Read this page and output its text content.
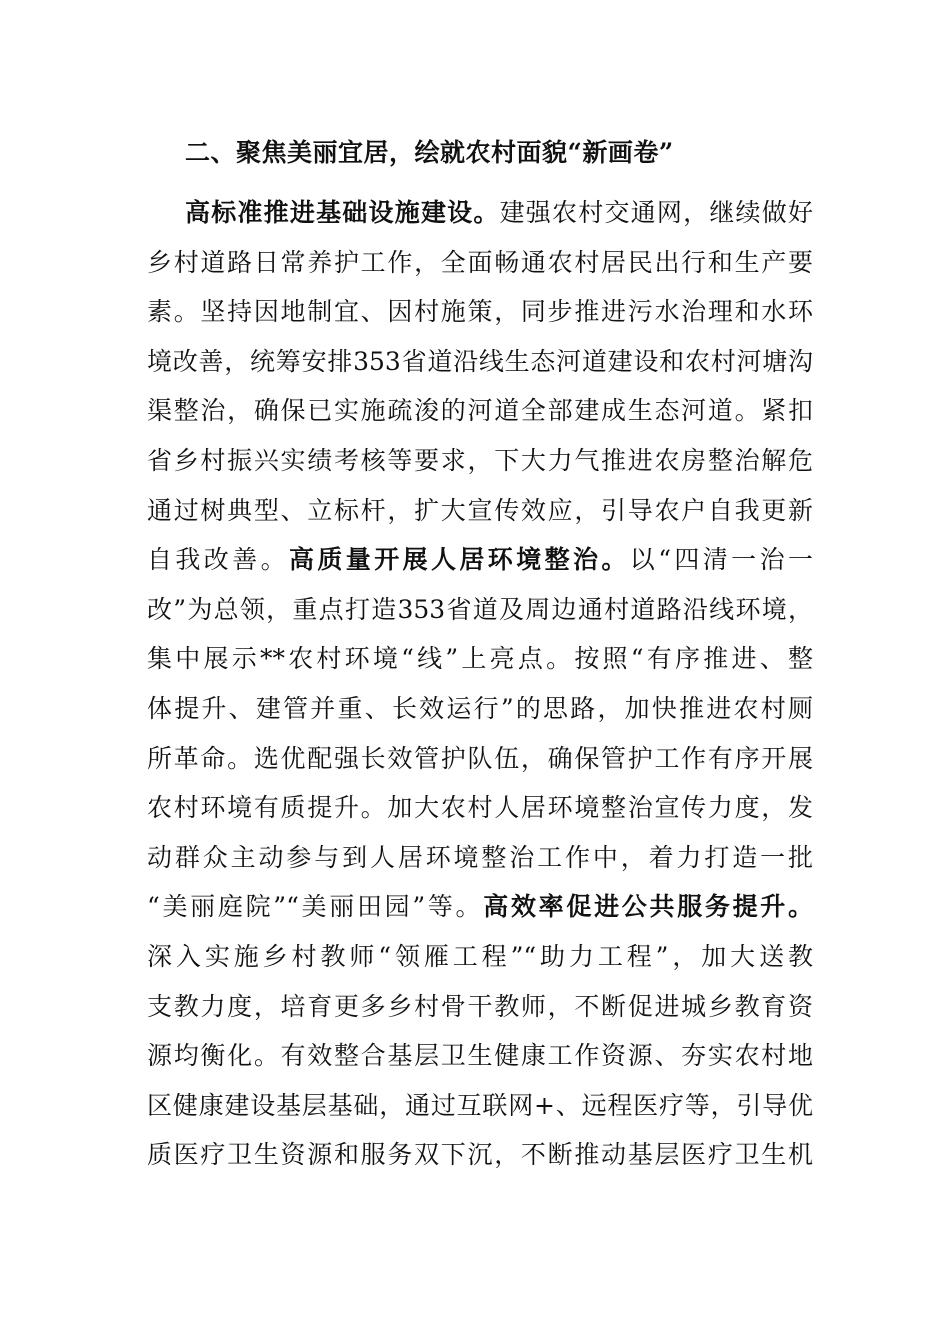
二、聚焦美丽宜居，绘就农村面貌“新画卷”
高标准推进基础设施建设。建强农村交通网，继续做好
乡村道路日常养护工作，全面畅通农村居民出行和生产要
素。坚持因地制宜、因村施策，同步推进污水治理和水环
境改善，统筹安排353省道沿线生态河道建设和农村河塘沟
渠整治，确保已实施疏浚的河道全部建成生态河道。紧扣
省乡村振兴实绩考核等要求，下大力气推进农房整治解危
通过树典型、立标杆，扩大宣传效应，引导农户自我更新
自我改善。高质量开展人居环境整治。以“四清一治一
改”为总领，重点打造353省道及周边通村道路沿线环境，
集中展示**农村环境“线”上亮点。按照“有序推进、整
体提升、建管并重、长效运行”的思路，加快推进农村厕
所革命。选优配强长效管护队伍，确保管护工作有序开展
农村环境有质提升。加大农村人居环境整治宣传力度，发
动群众主动参与到人居环境整治工作中，着力打造一批
“美丽庭院”“美丽田园”等。高效率促进公共服务提升。
深入实施乡村教师“领雁工程”“助力工程”，加大送教
支教力度，培育更多乡村骨干教师，不断促进城乡教育资
源均衡化。有效整合基层卫生健康工作资源、夯实农村地
区健康建设基层基础，通过互联网+、远程医疗等，引导优
质医疗卫生资源和服务双下沉，不断推动基层医疗卫生机
